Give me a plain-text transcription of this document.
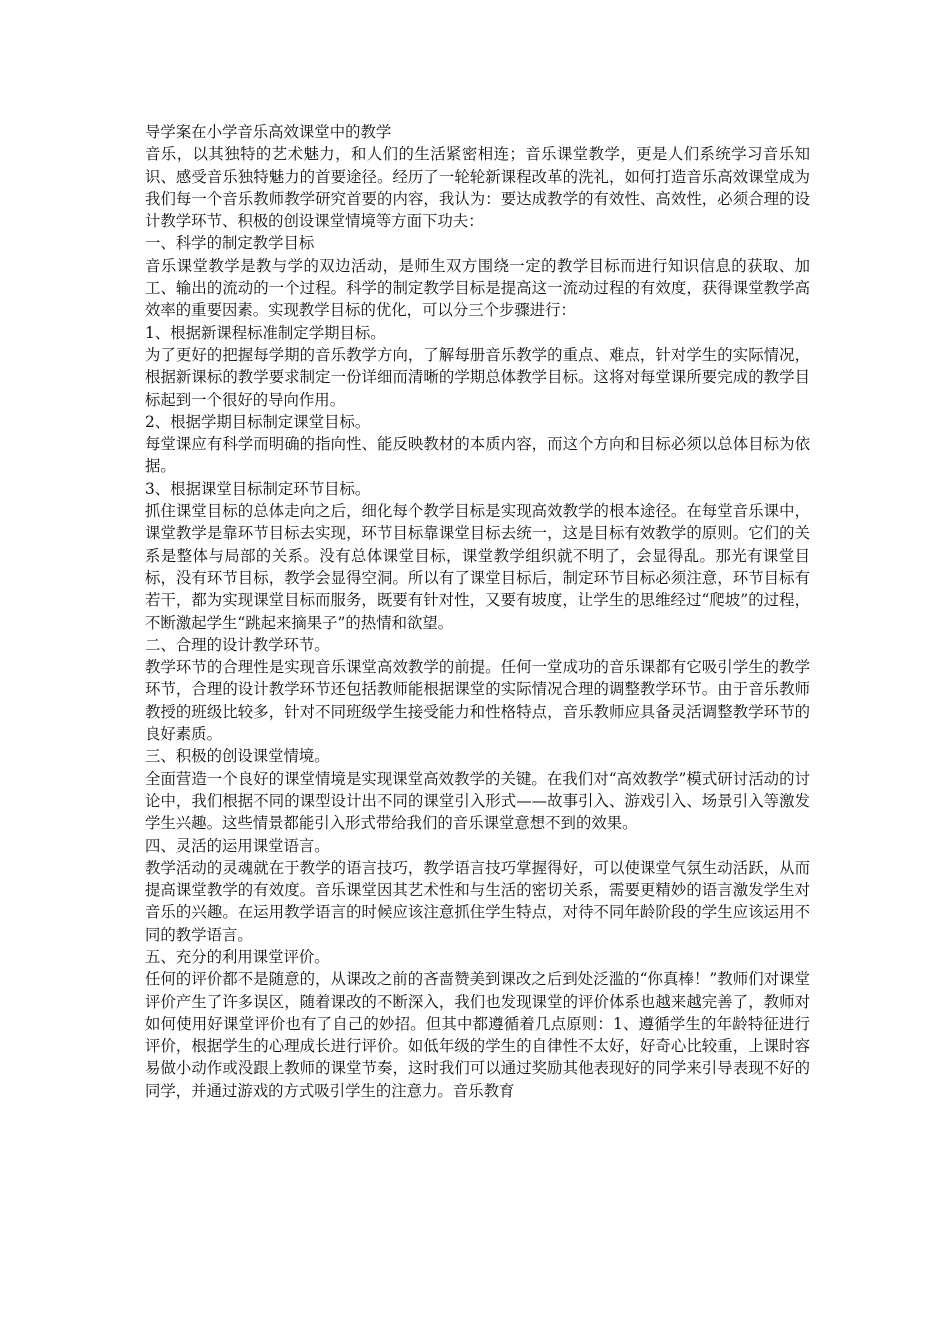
导学案在小学音乐高效课堂中的教学

音乐，以其独特的艺术魅力，和人们的生活紧密相连；音乐课堂教学，更是人们系统学习音乐知识、感受音乐独特魅力的首要途径。经历了一轮轮新课程改革的洗礼，如何打造音乐高效课堂成为我们每一个音乐教师教学研究首要的内容，我认为：要达成教学的有效性、高效性，必须合理的设计教学环节、积极的创设课堂情境等方面下功夫：

一、科学的制定教学目标

音乐课堂教学是教与学的双边活动，是师生双方围绕一定的教学目标而进行知识信息的获取、加工、输出的流动的一个过程。科学的制定教学目标是提高这一流动过程的有效度，获得课堂教学高效率的重要因素。实现教学目标的优化，可以分三个步骤进行：

1、根据新课程标准制定学期目标。

为了更好的把握每学期的音乐教学方向，了解每册音乐教学的重点、难点，针对学生的实际情况，根据新课标的教学要求制定一份详细而清晰的学期总体教学目标。这将对每堂课所要完成的教学目标起到一个很好的导向作用。

2、根据学期目标制定课堂目标。

每堂课应有科学而明确的指向性、能反映教材的本质内容，而这个方向和目标必须以总体目标为依据。

3、根据课堂目标制定环节目标。

抓住课堂目标的总体走向之后，细化每个教学目标是实现高效教学的根本途径。在每堂音乐课中，课堂教学是靠环节目标去实现，环节目标靠课堂目标去统一，这是目标有效教学的原则。它们的关系是整体与局部的关系。没有总体课堂目标，课堂教学组织就不明了，会显得乱。那光有课堂目标，没有环节目标，教学会显得空洞。所以有了课堂目标后，制定环节目标必须注意，环节目标有若干，都为实现课堂目标而服务，既要有针对性，又要有坡度，让学生的思维经过“爬坡”的过程，不断激起学生“跳起来摘果子”的热情和欲望。

二、合理的设计教学环节。

教学环节的合理性是实现音乐课堂高效教学的前提。任何一堂成功的音乐课都有它吸引学生的教学环节，合理的设计教学环节还包括教师能根据课堂的实际情况合理的调整教学环节。由于音乐教师教授的班级比较多，针对不同班级学生接受能力和性格特点，音乐教师应具备灵活调整教学环节的良好素质。

三、积极的创设课堂情境。

全面营造一个良好的课堂情境是实现课堂高效教学的关键。在我们对“高效教学”模式研讨活动的讨论中，我们根据不同的课型设计出不同的课堂引入形式——故事引入、游戏引入、场景引入等激发学生兴趣。这些情景都能引入形式带给我们的音乐课堂意想不到的效果。

四、灵活的运用课堂语言。

教学活动的灵魂就在于教学的语言技巧，教学语言技巧掌握得好，可以使课堂气氛生动活跃，从而提高课堂教学的有效度。音乐课堂因其艺术性和与生活的密切关系，需要更精妙的语言激发学生对音乐的兴趣。在运用教学语言的时候应该注意抓住学生特点，对待不同年龄阶段的学生应该运用不同的教学语言。

五、充分的利用课堂评价。

任何的评价都不是随意的，从课改之前的吝啬赞美到课改之后到处泛滥的“你真棒！”教师们对课堂评价产生了许多误区，随着课改的不断深入，我们也发现课堂的评价体系也越来越完善了，教师对如何使用好课堂评价也有了自己的妙招。但其中都遵循着几点原则：1、遵循学生的年龄特征进行评价，根据学生的心理成长进行评价。如低年级的学生的自律性不太好，好奇心比较重，上课时容易做小动作或没跟上教师的课堂节奏，这时我们可以通过奖励其他表现好的同学来引导表现不好的同学，并通过游戏的方式吸引学生的注意力。音乐教育
